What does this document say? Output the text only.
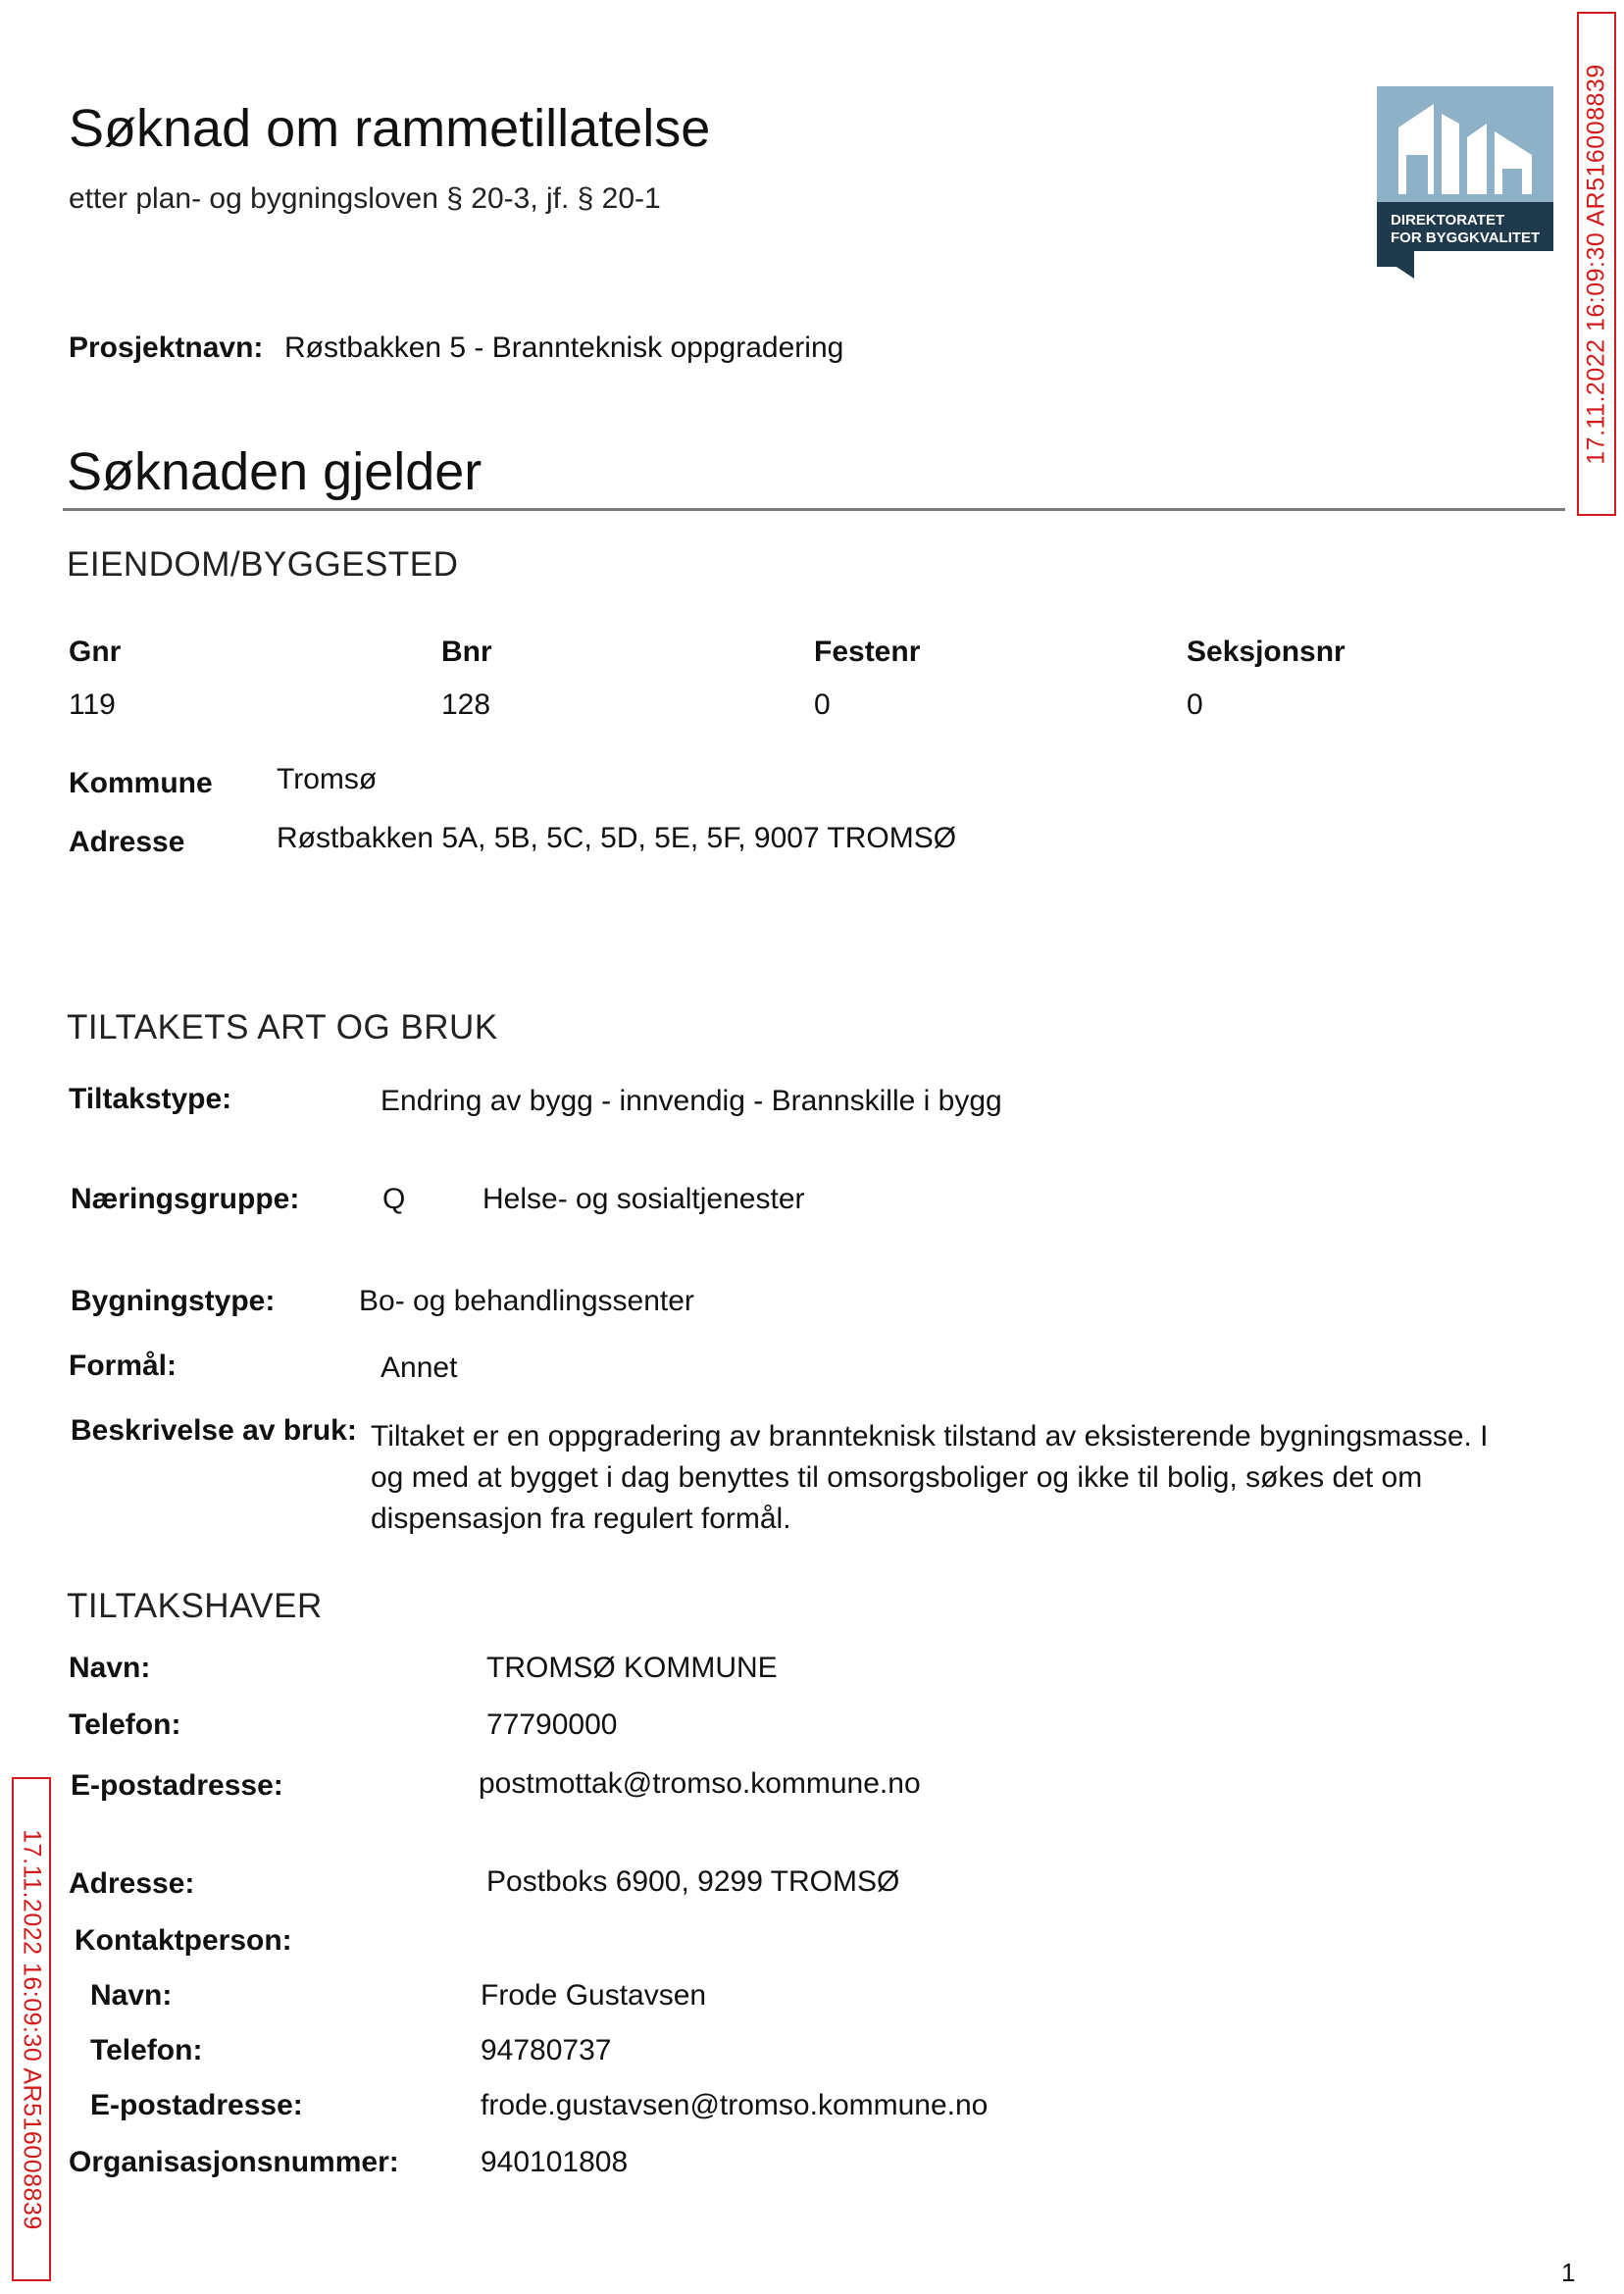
Søknad om rammetillatelse
etter plan- og bygningsloven § 20-3, jf. § 20-1
DIREKTORATET
FOR BYGGKVALITET 17.11.2022 16:09:30 AR516008839
17.11.2022 16:09:30 AR516008839
Prosjektnavn: Røstbakken 5 - Brannteknisk oppgradering
Søknaden gjelder
EIENDOM/BYGGESTED
Gnr	Bnr	Festenr	Seksjonsnr
119	128	0	0
Kommune Tromsø
Adresse	Røstbakken 5A, 5B, 5C, 5D, 5E, 5F, 9007 TROMSØ
TILTAKETS ART OG BRUK
Tiltakstype:	Endring av bygg - innvendig - Brannskille i bygg
Næringsgruppe:	Q	Helse- og sosialtjenester
Bygningstype:	Bo- og behandlingssenter
Formål:	Annet
Beskrivelse av bruk: Tiltaket er en oppgradering av brannteknisk tilstand av eksisterende bygningsmasse. I og med at bygget i dag benyttes til omsorgsboliger og ikke til bolig, søkes det om dispensasjon fra regulert formål.
TILTAKSHAVER
Navn:	TROMSØ KOMMUNE
Telefon:	77790000
E-postadresse:	postmottak@tromso.kommune.no
Adresse:	Postboks 6900, 9299 TROMSØ
Kontaktperson:
Navn:	Frode Gustavsen
Telefon:	94780737
E-postadresse:	frode.gustavsen@tromso.kommune.no
Organisasjonsnummer:	940101808
1
